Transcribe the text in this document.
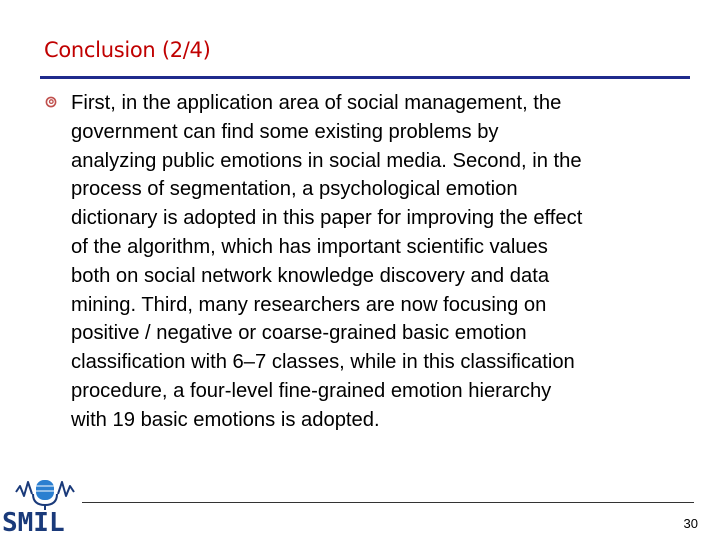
Conclusion (2/4)
First, in the application area of social management, the
government can find some existing problems by
analyzing public emotions in social media. Second, in the
process of segmentation, a psychological emotion
dictionary is adopted in this paper for improving the effect
of the algorithm, which has important scientific values
both on social network knowledge discovery and data
mining. Third, many researchers are now focusing on
positive / negative or coarse-grained basic emotion
classification with 6–7 classes, while in this classification
procedure, a four-level fine-grained emotion hierarchy
with 19 basic emotions is adopted.
SMIL	30
